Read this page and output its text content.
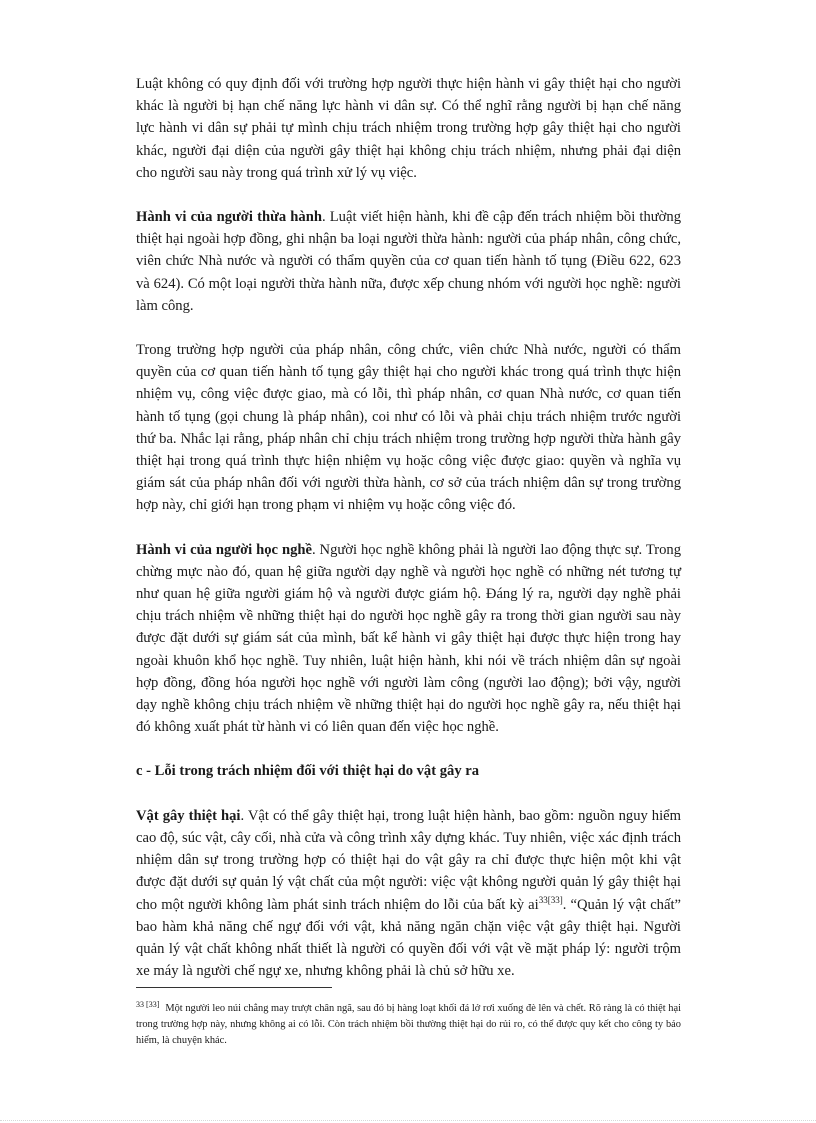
Luật không có quy định đối với trường hợp người thực hiện hành vi gây thiệt hại cho người khác là người bị hạn chế năng lực hành vi dân sự. Có thể nghĩ rằng người bị hạn chế năng lực hành vi dân sự phải tự mình chịu trách nhiệm trong trường hợp gây thiệt hại cho người khác, người đại diện của người gây thiệt hại không chịu trách nhiệm, nhưng phải đại diện cho người sau này trong quá trình xử lý vụ việc.

Hành vi của người thừa hành. Luật viết hiện hành, khi đề cập đến trách nhiệm bồi thường thiệt hại ngoài hợp đồng, ghi nhận ba loại người thừa hành: người của pháp nhân, công chức, viên chức Nhà nước và người có thẩm quyền của cơ quan tiến hành tố tụng (Điều 622, 623 và 624). Có một loại người thừa hành nữa, được xếp chung nhóm với người học nghề: người làm công.

Trong trường hợp người của pháp nhân, công chức, viên chức Nhà nước, người có thẩm quyền của cơ quan tiến hành tố tụng gây thiệt hại cho người khác trong quá trình thực hiện nhiệm vụ, công việc được giao, mà có lỗi, thì pháp nhân, cơ quan Nhà nước, cơ quan tiến hành tố tụng (gọi chung là pháp nhân), coi như có lỗi và phải chịu trách nhiệm trước người thứ ba. Nhắc lại rằng, pháp nhân chỉ chịu trách nhiệm trong trường hợp người thừa hành gây thiệt hại trong quá trình thực hiện nhiệm vụ hoặc công việc được giao: quyền và nghĩa vụ giám sát của pháp nhân đối với người thừa hành, cơ sở của trách nhiệm dân sự trong trường hợp này, chỉ giới hạn trong phạm vi nhiệm vụ hoặc công việc đó.

Hành vi của người học nghề. Người học nghề không phải là người lao động thực sự. Trong chừng mực nào đó, quan hệ giữa người dạy nghề và người học nghề có những nét tương tự như quan hệ giữa người giám hộ và người được giám hộ. Đáng lý ra, người dạy nghề phải chịu trách nhiệm về những thiệt hại do người học nghề gây ra trong thời gian người sau này được đặt dưới sự giám sát của mình, bất kể hành vi gây thiệt hại được thực hiện trong hay ngoài khuôn khổ học nghề. Tuy nhiên, luật hiện hành, khi nói về trách nhiệm dân sự ngoài hợp đồng, đồng hóa người học nghề với người làm công (người lao động); bởi vậy, người dạy nghề không chịu trách nhiệm về những thiệt hại do người học nghề gây ra, nếu thiệt hại đó không xuất phát từ hành vi có liên quan đến việc học nghề.

c - Lỗi trong trách nhiệm đối với thiệt hại do vật gây ra

Vật gây thiệt hại. Vật có thể gây thiệt hại, trong luật hiện hành, bao gồm: nguồn nguy hiểm cao độ, súc vật, cây cối, nhà cửa và công trình xây dựng khác. Tuy nhiên, việc xác định trách nhiệm dân sự trong trường hợp có thiệt hại do vật gây ra chỉ được thực hiện một khi vật được đặt dưới sự quản lý vật chất của một người: việc vật không người quản lý gây thiệt hại cho một người không làm phát sinh trách nhiệm do lỗi của bất kỳ $ai^{33[33]}$. “Quản lý vật chất” bao hàm khả năng chế ngự đối với vật, khả năng ngăn chặn việc vật gây thiệt hại. Người quản lý vật chất không nhất thiết là người có quyền đối với vật về mặt pháp lý: người trộm xe máy là người chế ngự xe, nhưng không phải là chủ sở hữu xe.

$^{33 [33]}$ Một người leo núi chẳng may trượt chân ngã, sau đó bị hàng loạt khối đá lở rơi xuống đè lên và chết. Rõ ràng là có thiệt hại trong trường hợp này, nhưng không ai có lỗi. Còn trách nhiệm bồi thường thiệt hại do rủi ro, có thể được quy kết cho công ty bảo hiểm, là chuyện khác.
